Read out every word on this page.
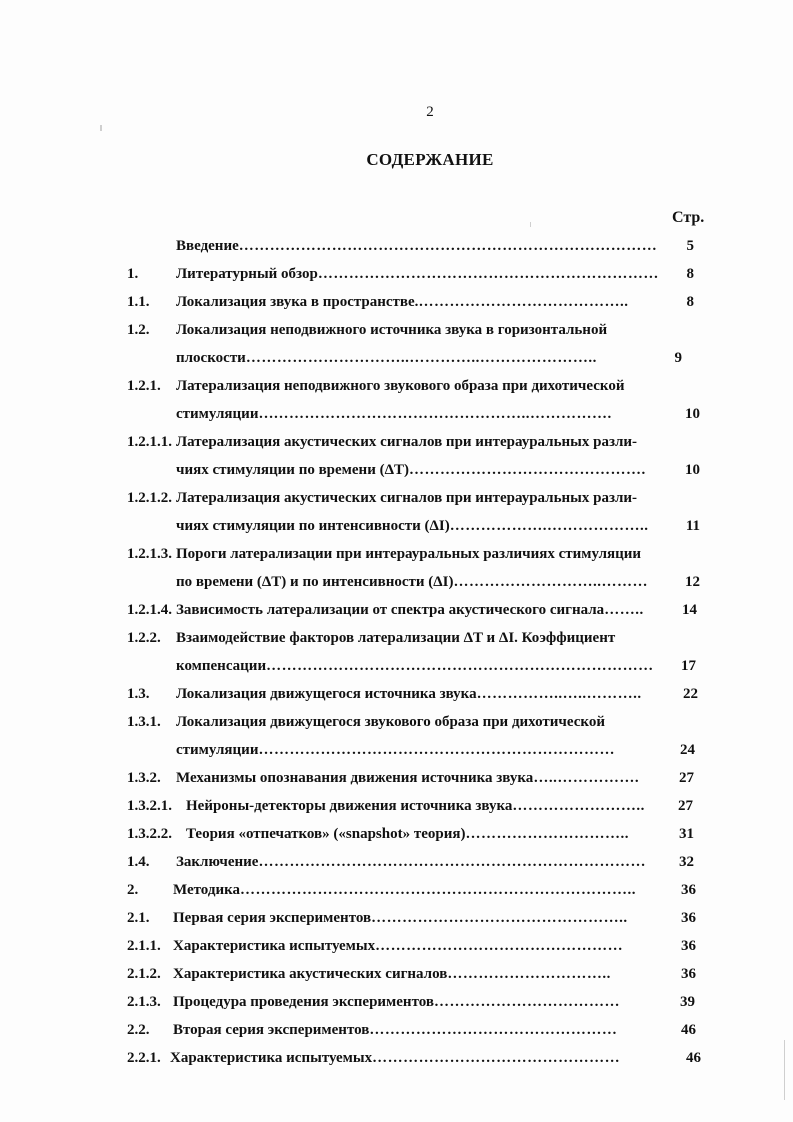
2
СОДЕРЖАНИЕ
Стр.
Введение ………………………………………………………………………	5
1.	Литературный обзор …………………………………………………………	8
1.1. Локализация звука в пространстве. …………………………………..	8
1.2. Локализация неподвижного источника звука в горизонтальной
плоскости …………………………..…………..…………………..	9
1.2.1. Латерализация неподвижного звукового образа при дихотической
стимуляции… …………………………………………..…………….	10
1.2.1.1. Латерализация акустических сигналов при интерауральных разли-
чиях стимуляции по времени (ΔT) ……………………………………….	10
1.2.1.2. Латерализация акустических сигналов при интерауральных разли-
чиях стимуляции по интенсивности (ΔI) ……………….………………..	11
1.2.1.3. Пороги латерализации при интерауральных различиях стимуляции
по времени (ΔT) и по интенсивности (ΔI) ………………………..………	12
1.2.1.4. Зависимость латерализации от спектра акустического сигнала ……..	14
1.2.2. Взаимодействие факторов латерализации ΔT и ΔI. Коэффициент
компенсации …………………………………………………………………	17
1.3. Локализация движущегося источника звука ……………..…..………..	22
1.3.1. Локализация движущегося звукового образа при дихотической
стимуляции ……………………………………………………………	24
1.3.2. Механизмы опознавания движения источника звука …..…………….	27
1.3.2.1. Нейроны-детекторы движения источника звука ……………………..	27
1.3.2.2. Теория «отпечатков» («snapshot» теория) …………………………..	31
1.4. Заключение …………………………………………………………………	32
2. Методика …………………………………………………………………..	36
2.1. Первая серия экспериментов …………………………………………..	36
2.1.1. Характеристика испытуемых …………………………………………	36
2.1.2. Характеристика акустических сигналов …………………………..	36
2.1.3. Процедура проведения экспериментов ………………………………	39
2.2. Вторая серия экспериментов …………………………………………	46
2.2.1. Характеристика испытуемых …………………………………………	46
